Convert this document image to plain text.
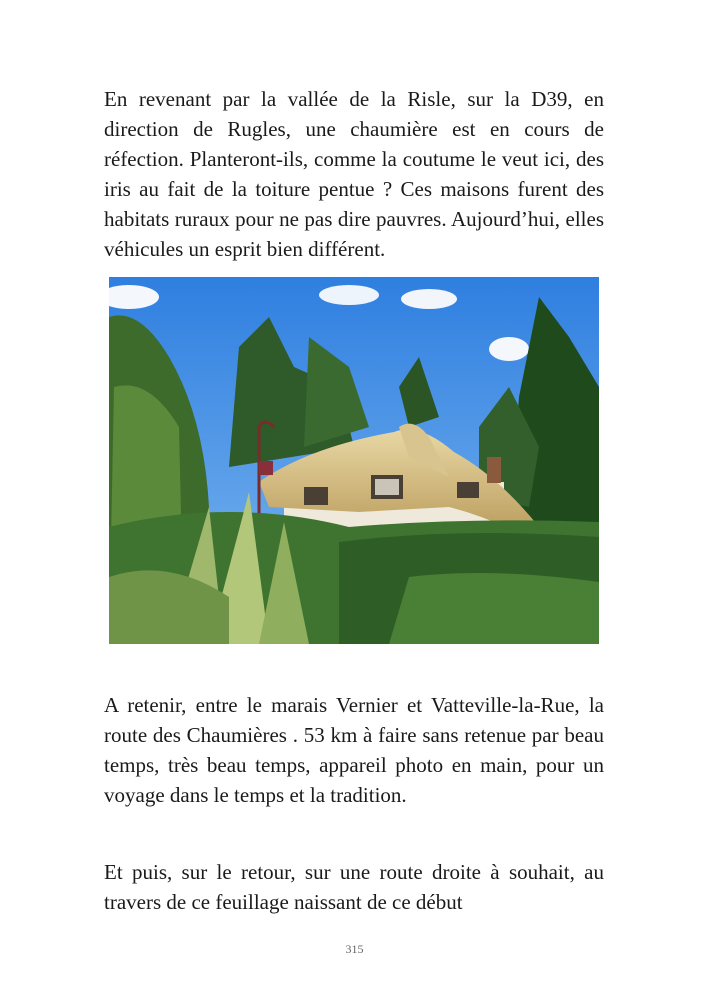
En revenant par la vallée de la Risle, sur la D39, en direction de Rugles, une chaumière est en cours de réfection. Planteront-ils, comme la coutume le veut ici, des iris au fait de la toiture pentue ? Ces maisons furent des habitats ruraux pour ne pas dire pauvres. Aujourd’hui, elles véhicules un esprit bien différent.

A retenir, entre le marais Vernier et Vatteville-la-Rue, la route des Chaumières . 53 km à faire sans retenue par beau temps, très beau temps, appareil photo en main, pour un voyage dans le temps et la tradition.

Et puis, sur le retour, sur une route droite à souhait, au travers de ce feuillage naissant de ce début

315
